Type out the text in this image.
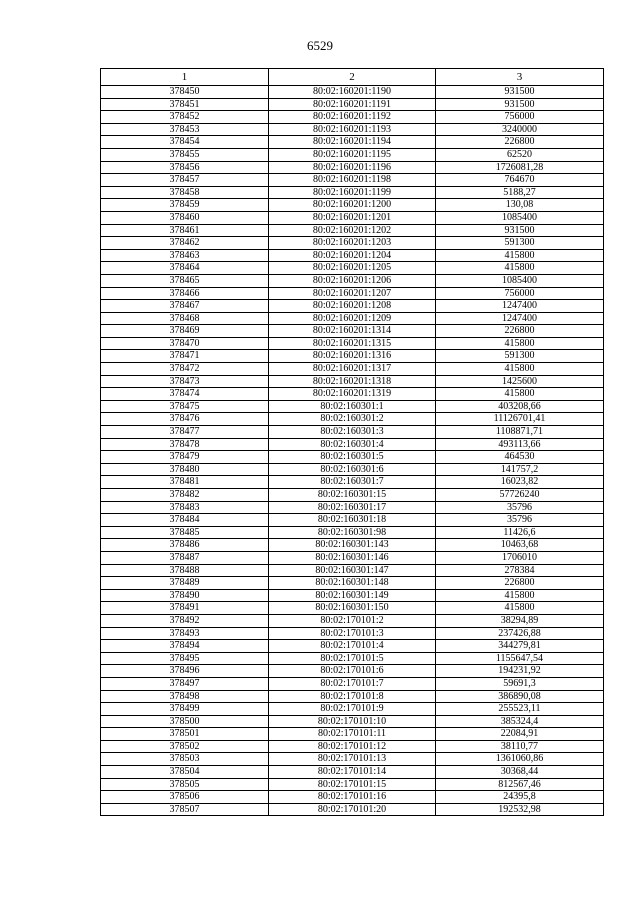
6529
1	2	3
378450	80:02:160201:1190	931500
378451	80:02:160201:1191	931500
378452	80:02:160201:1192	756000
378453	80:02:160201:1193	3240000
378454	80:02:160201:1194	226800
378455	80:02:160201:1195	62520
378456	80:02:160201:1196	1726081,28
378457	80:02:160201:1198	764670
378458	80:02:160201:1199	5188,27
378459	80:02:160201:1200	130,08
378460	80:02:160201:1201	1085400
378461	80:02:160201:1202	931500
378462	80:02:160201:1203	591300
378463	80:02:160201:1204	415800
378464	80:02:160201:1205	415800
378465	80:02:160201:1206	1085400
378466	80:02:160201:1207	756000
378467	80:02:160201:1208	1247400
378468	80:02:160201:1209	1247400
378469	80:02:160201:1314	226800
378470	80:02:160201:1315	415800
378471	80:02:160201:1316	591300
378472	80:02:160201:1317	415800
378473	80:02:160201:1318	1425600
378474	80:02:160201:1319	415800
378475	80:02:160301:1	403208,66
378476	80:02:160301:2	11126701,41
378477	80:02:160301:3	1108871,71
378478	80:02:160301:4	493113,66
378479	80:02:160301:5	464530
378480	80:02:160301:6	141757,2
378481	80:02:160301:7	16023,82
378482	80:02:160301:15	57726240
378483	80:02:160301:17	35796
378484	80:02:160301:18	35796
378485	80:02:160301:98	11426,6
378486	80:02:160301:143	10463,68
378487	80:02:160301:146	1706010
378488	80:02:160301:147	278384
378489	80:02:160301:148	226800
378490	80:02:160301:149	415800
378491	80:02:160301:150	415800
378492	80:02:170101:2	38294,89
378493	80:02:170101:3	237426,88
378494	80:02:170101:4	344279,81
378495	80:02:170101:5	1155647,54
378496	80:02:170101:6	194231,92
378497	80:02:170101:7	59691,3
378498	80:02:170101:8	386890,08
378499	80:02:170101:9	255523,11
378500	80:02:170101:10	385324,4
378501	80:02:170101:11	22084,91
378502	80:02:170101:12	38110,77
378503	80:02:170101:13	1361060,86
378504	80:02:170101:14	30368,44
378505	80:02:170101:15	812567,46
378506	80:02:170101:16	24395,8
378507	80:02:170101:20	192532,98
